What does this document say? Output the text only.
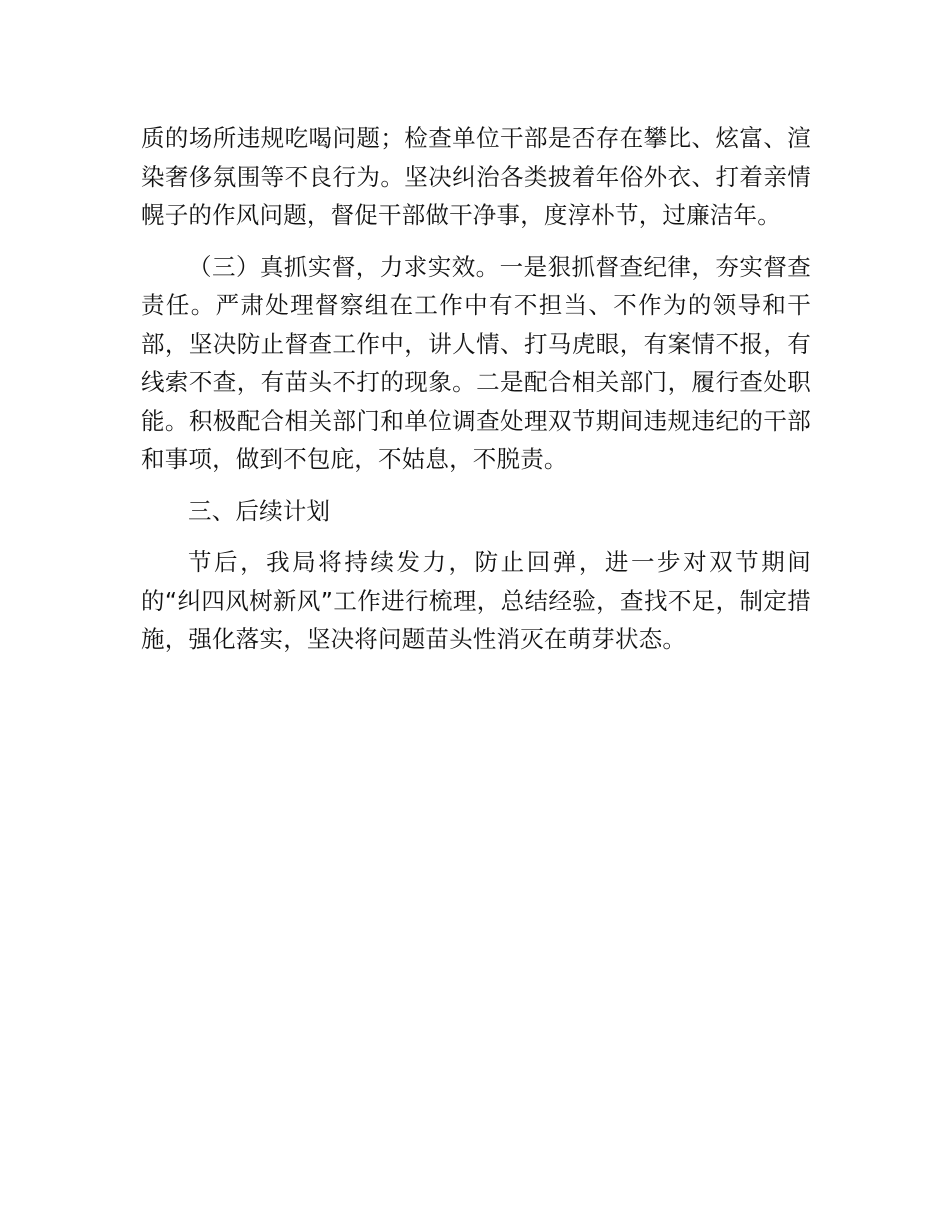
质的场所违规吃喝问题；检查单位干部是否存在攀比、炫富、渲染奢侈氛围等不良行为。坚决纠治各类披着年俗外衣、打着亲情幌子的作风问题，督促干部做干净事，度淳朴节，过廉洁年。

（三）真抓实督，力求实效。一是狠抓督查纪律，夯实督查责任。严肃处理督察组在工作中有不担当、不作为的领导和干部，坚决防止督查工作中，讲人情、打马虎眼，有案情不报，有线索不查，有苗头不打的现象。二是配合相关部门，履行查处职能。积极配合相关部门和单位调查处理双节期间违规违纪的干部和事项，做到不包庇，不姑息，不脱责。

三、后续计划

节后，我局将持续发力，防止回弹，进一步对双节期间的“纠四风树新风”工作进行梳理，总结经验，查找不足，制定措施，强化落实，坚决将问题苗头性消灭在萌芽状态。
